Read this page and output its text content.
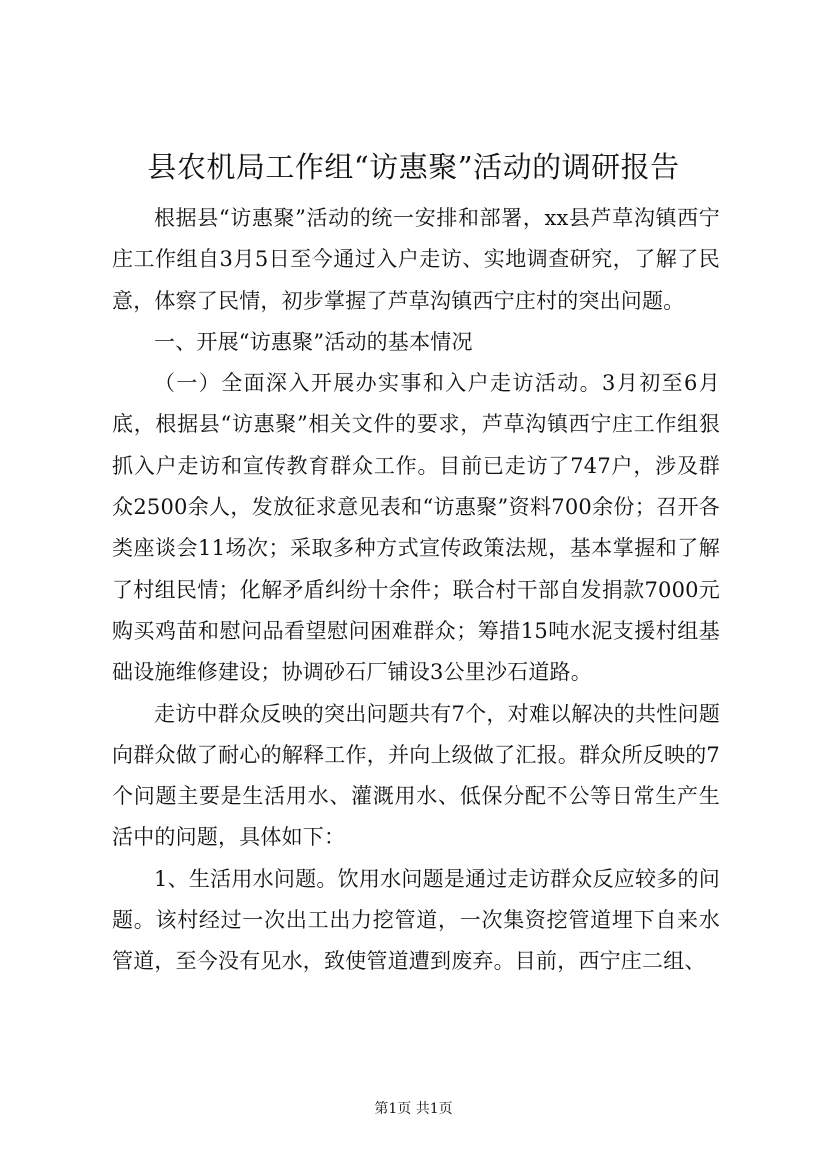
县农机局工作组“访惠聚”活动的调研报告

根据县“访惠聚”活动的统一安排和部署，xx县芦草沟镇西宁庄工作组自3月5日至今通过入户走访、实地调查研究，了解了民意，体察了民情，初步掌握了芦草沟镇西宁庄村的突出问题。

一、开展“访惠聚”活动的基本情况

（一）全面深入开展办实事和入户走访活动。3月初至6月底，根据县“访惠聚”相关文件的要求，芦草沟镇西宁庄工作组狠抓入户走访和宣传教育群众工作。目前已走访了747户，涉及群众2500余人，发放征求意见表和“访惠聚”资料700余份；召开各类座谈会11场次；采取多种方式宣传政策法规，基本掌握和了解了村组民情；化解矛盾纠纷十余件；联合村干部自发捐款7000元购买鸡苗和慰问品看望慰问困难群众；筹措15吨水泥支援村组基础设施维修建设；协调砂石厂铺设3公里沙石道路。

走访中群众反映的突出问题共有7个，对难以解决的共性问题向群众做了耐心的解释工作，并向上级做了汇报。群众所反映的7个问题主要是生活用水、灌溉用水、低保分配不公等日常生产生活中的问题，具体如下：

1、生活用水问题。饮用水问题是通过走访群众反应较多的问题。该村经过一次出工出力挖管道，一次集资挖管道埋下自来水管道，至今没有见水，致使管道遭到废弃。目前，西宁庄二组、

第1页 共1页
